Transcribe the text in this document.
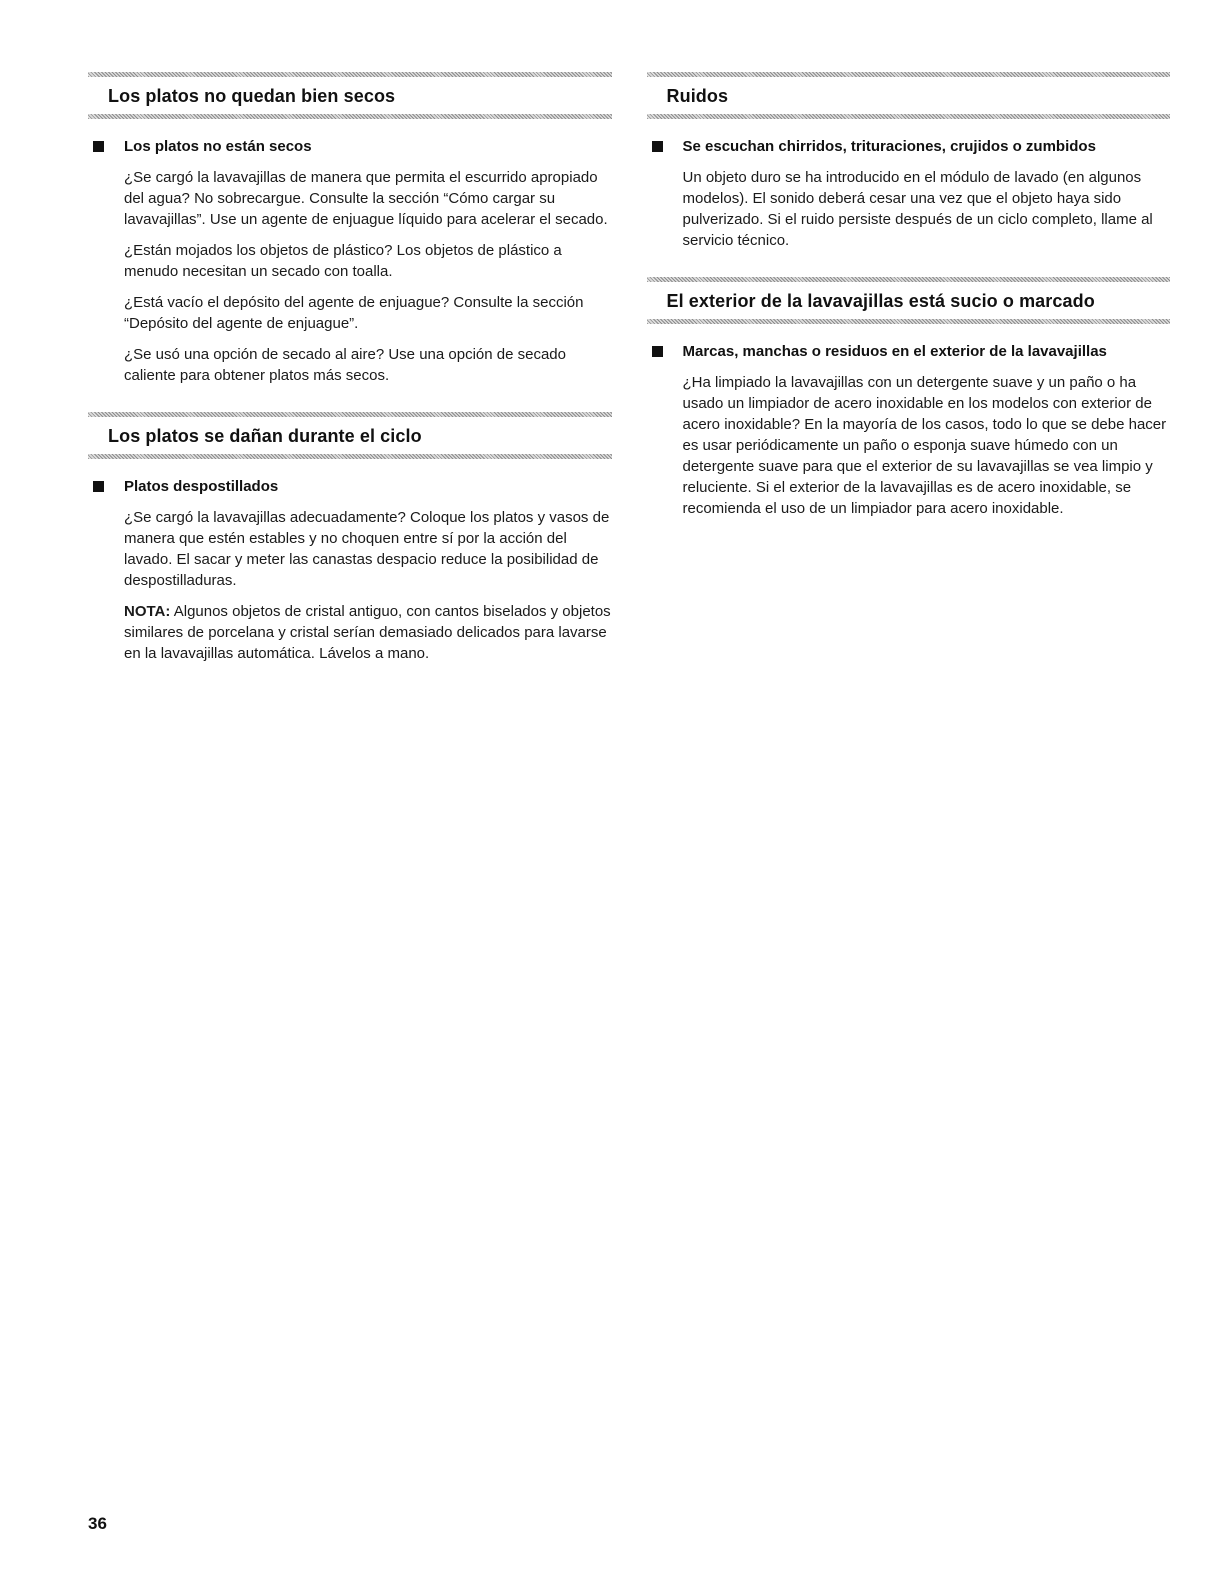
Los platos no quedan bien secos

Los platos no están secos

¿Se cargó la lavavajillas de manera que permita el escurrido apropiado del agua? No sobrecargue. Consulte la sección “Cómo cargar su lavavajillas”. Use un agente de enjuague líquido para acelerar el secado.

¿Están mojados los objetos de plástico? Los objetos de plástico a menudo necesitan un secado con toalla.

¿Está vacío el depósito del agente de enjuague? Consulte la sección “Depósito del agente de enjuague”.

¿Se usó una opción de secado al aire? Use una opción de secado caliente para obtener platos más secos.

Los platos se dañan durante el ciclo

Platos despostillados

¿Se cargó la lavavajillas adecuadamente? Coloque los platos y vasos de manera que estén estables y no choquen entre sí por la acción del lavado. El sacar y meter las canastas despacio reduce la posibilidad de despostilladuras.

NOTA: Algunos objetos de cristal antiguo, con cantos biselados y objetos similares de porcelana y cristal serían demasiado delicados para lavarse en la lavavajillas automática. Lávelos a mano.

Ruidos

Se escuchan chirridos, trituraciones, crujidos o zumbidos

Un objeto duro se ha introducido en el módulo de lavado (en algunos modelos). El sonido deberá cesar una vez que el objeto haya sido pulverizado. Si el ruido persiste después de un ciclo completo, llame al servicio técnico.

El exterior de la lavavajillas está sucio o marcado

Marcas, manchas o residuos en el exterior de la lavavajillas

¿Ha limpiado la lavavajillas con un detergente suave y un paño o ha usado un limpiador de acero inoxidable en los modelos con exterior de acero inoxidable? En la mayoría de los casos, todo lo que se debe hacer es usar periódicamente un paño o esponja suave húmedo con un detergente suave para que el exterior de su lavavajillas se vea limpio y reluciente. Si el exterior de la lavavajillas es de acero inoxidable, se recomienda el uso de un limpiador para acero inoxidable.

36
